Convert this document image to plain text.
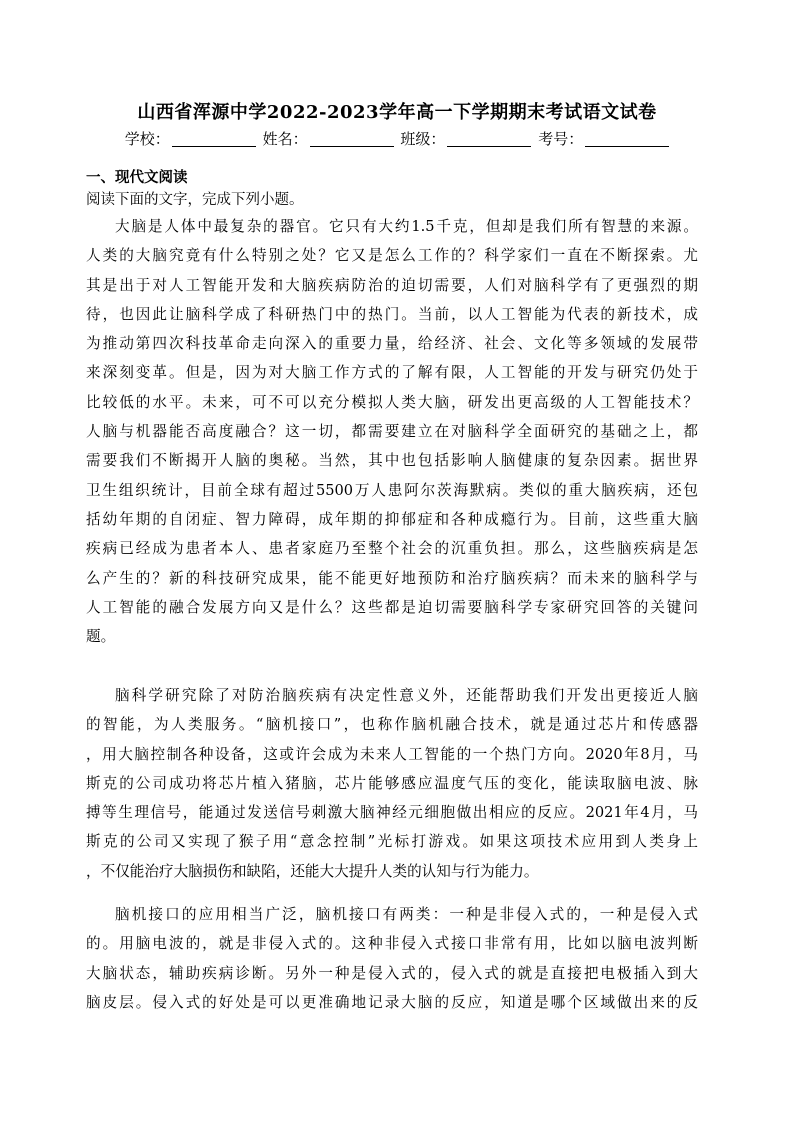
山西省浑源中学2022-2023学年高一下学期期末考试语文试卷
学校：	姓名：	班级：	考号：
一、现代文阅读
阅读下面的文字，完成下列小题。
大脑是人体中最复杂的器官。它只有大约1.5千克，但却是我们所有智慧的来源。
人类的大脑究竟有什么特别之处？它又是怎么工作的？科学家们一直在不断探索。尤
其是出于对人工智能开发和大脑疾病防治的迫切需要，人们对脑科学有了更强烈的期
待，也因此让脑科学成了科研热门中的热门。当前，以人工智能为代表的新技术，成
为推动第四次科技革命走向深入的重要力量，给经济、社会、文化等多领域的发展带
来深刻变革。但是，因为对大脑工作方式的了解有限，人工智能的开发与研究仍处于
比较低的水平。未来，可不可以充分模拟人类大脑，研发出更高级的人工智能技术？
人脑与机器能否高度融合？这一切，都需要建立在对脑科学全面研究的基础之上，都
需要我们不断揭开人脑的奥秘。当然，其中也包括影响人脑健康的复杂因素。据世界
卫生组织统计，目前全球有超过5500万人患阿尔茨海默病。类似的重大脑疾病，还包
括幼年期的自闭症、智力障碍，成年期的抑郁症和各种成瘾行为。目前，这些重大脑
疾病已经成为患者本人、患者家庭乃至整个社会的沉重负担。那么，这些脑疾病是怎
么产生的？新的科技研究成果，能不能更好地预防和治疗脑疾病？而未来的脑科学与
人工智能的融合发展方向又是什么？这些都是迫切需要脑科学专家研究回答的关键问
题。
脑科学研究除了对防治脑疾病有决定性意义外，还能帮助我们开发出更接近人脑
的智能，为人类服务。“脑机接口”，也称作脑机融合技术，就是通过芯片和传感器
，用大脑控制各种设备，这或许会成为未来人工智能的一个热门方向。2020年8月，马
斯克的公司成功将芯片植入猪脑，芯片能够感应温度气压的变化，能读取脑电波、脉
搏等生理信号，能通过发送信号刺激大脑神经元细胞做出相应的反应。2021年4月，马
斯克的公司又实现了猴子用“意念控制”光标打游戏。如果这项技术应用到人类身上
，不仅能治疗大脑损伤和缺陷，还能大大提升人类的认知与行为能力。
脑机接口的应用相当广泛，脑机接口有两类：一种是非侵入式的，一种是侵入式
的。用脑电波的，就是非侵入式的。这种非侵入式接口非常有用，比如以脑电波判断
大脑状态，辅助疾病诊断。另外一种是侵入式的，侵入式的就是直接把电极插入到大
脑皮层。侵入式的好处是可以更准确地记录大脑的反应，知道是哪个区域做出来的反
